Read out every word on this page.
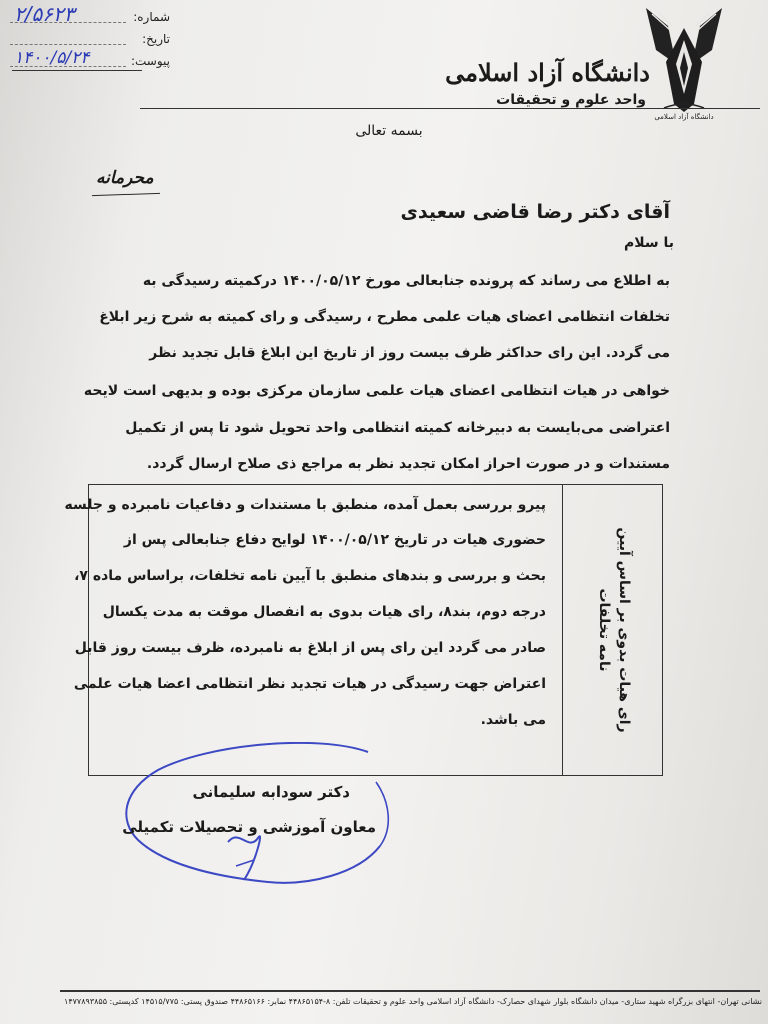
شماره:
۲/۵۶۲۳
تاریخ:
پیوست:
۱۴۰۰/۵/۲۴
دانشگاه آزاد اسلامی
دانشگاه آزاد اسلامی
واحد علوم و تحقیقات
بسمه تعالی
محرمانه
آقای دکتر رضا قاضی سعیدی
با سلام
به اطلاع می رساند که پرونده جنابعالی مورخ ۱۴۰۰/۰۵/۱۲ درکمیته رسیدگی به
تخلفات انتظامی اعضای هیات علمی مطرح ، رسیدگی و رای کمیته به شرح زیر ابلاغ
می گردد. این رای حداکثر ظرف بیست روز از تاریخ این ابلاغ قابل تجدید نظر
خواهی در هیات انتظامی اعضای هیات علمی سازمان مرکزی بوده و بدیهی است لایحه
اعتراضی می‌بایست به دبیرخانه کمیته انتظامی واحد تحویل شود تا پس از تکمیل
مستندات و در صورت احراز امکان تجدید نظر به مراجع ذی صلاح ارسال گردد.
رای هیات بدوی بر اساس آیین نامه تخلفات
پیرو بررسی بعمل آمده، منطبق با مستندات و دفاعیات نامبرده و جلسه
حضوری هیات در تاریخ ۱۴۰۰/۰۵/۱۲ لوایح دفاع جنابعالی پس از
بحث و بررسی و بندهای منطبق با آیین نامه تخلفات، براساس ماده ۷،
درجه دوم، بند۸، رای هیات بدوی به انفصال موقت به مدت یکسال
صادر می گردد این رای پس از ابلاغ به نامبرده، ظرف بیست روز قابل
اعتراض جهت رسیدگی در هیات تجدید نظر انتظامی اعضا هیات علمی
می باشد.
دکتر سودابه سلیمانی
معاون آموزشی و تحصیلات تکمیلی
نشانی تهران- انتهای بزرگراه شهید ستاری- میدان دانشگاه بلوار شهدای حصارک- دانشگاه آزاد اسلامی واحد علوم و تحقیقات تلفن: ۸-۴۴۸۶۵۱۵۴ نمابر: ۴۴۸۶۵۱۶۶ صندوق پستی: ۱۴۵۱۵/۷۷۵ کدپستی: ۱۴۷۷۸۹۳۸۵۵
